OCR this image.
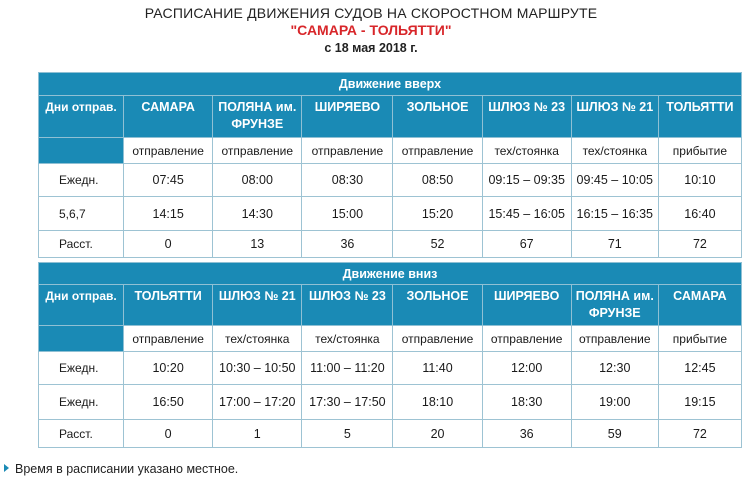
РАСПИСАНИЕ ДВИЖЕНИЯ СУДОВ НА СКОРОСТНОМ МАРШРУТЕ
"САМАРА - ТОЛЬЯТТИ"
с 18 мая 2018 г.
Движение вверх							
Дни отправ.	САМАРА	ПОЛЯНА им. ФРУНЗЕ	ШИРЯЕВО	ЗОЛЬНОЕ	ШЛЮЗ № 23	ШЛЮЗ № 21	ТОЛЬЯТТИ
	отправление	отправление	отправление	отправление	тех/стоянка	тех/стоянка	прибытие
Ежедн.	07:45	08:00	08:30	08:50	09:15 – 09:35	09:45 – 10:05	10:10
5,6,7	14:15	14:30	15:00	15:20	15:45 – 16:05	16:15 – 16:35	16:40
Расст.	0	13	36	52	67	71	72
Движение вниз							
Дни отправ.	ТОЛЬЯТТИ	ШЛЮЗ № 21	ШЛЮЗ № 23	ЗОЛЬНОЕ	ШИРЯЕВО	ПОЛЯНА им. ФРУНЗЕ	САМАРА
	отправление	тех/стоянка	тех/стоянка	отправление	отправление	отправление	прибытие
Ежедн.	10:20	10:30 – 10:50	11:00 – 11:20	11:40	12:00	12:30	12:45
Ежедн.	16:50	17:00 – 17:20	17:30 – 17:50	18:10	18:30	19:00	19:15
Расст.	0	1	5	20	36	59	72
Время в расписании указано местное.
